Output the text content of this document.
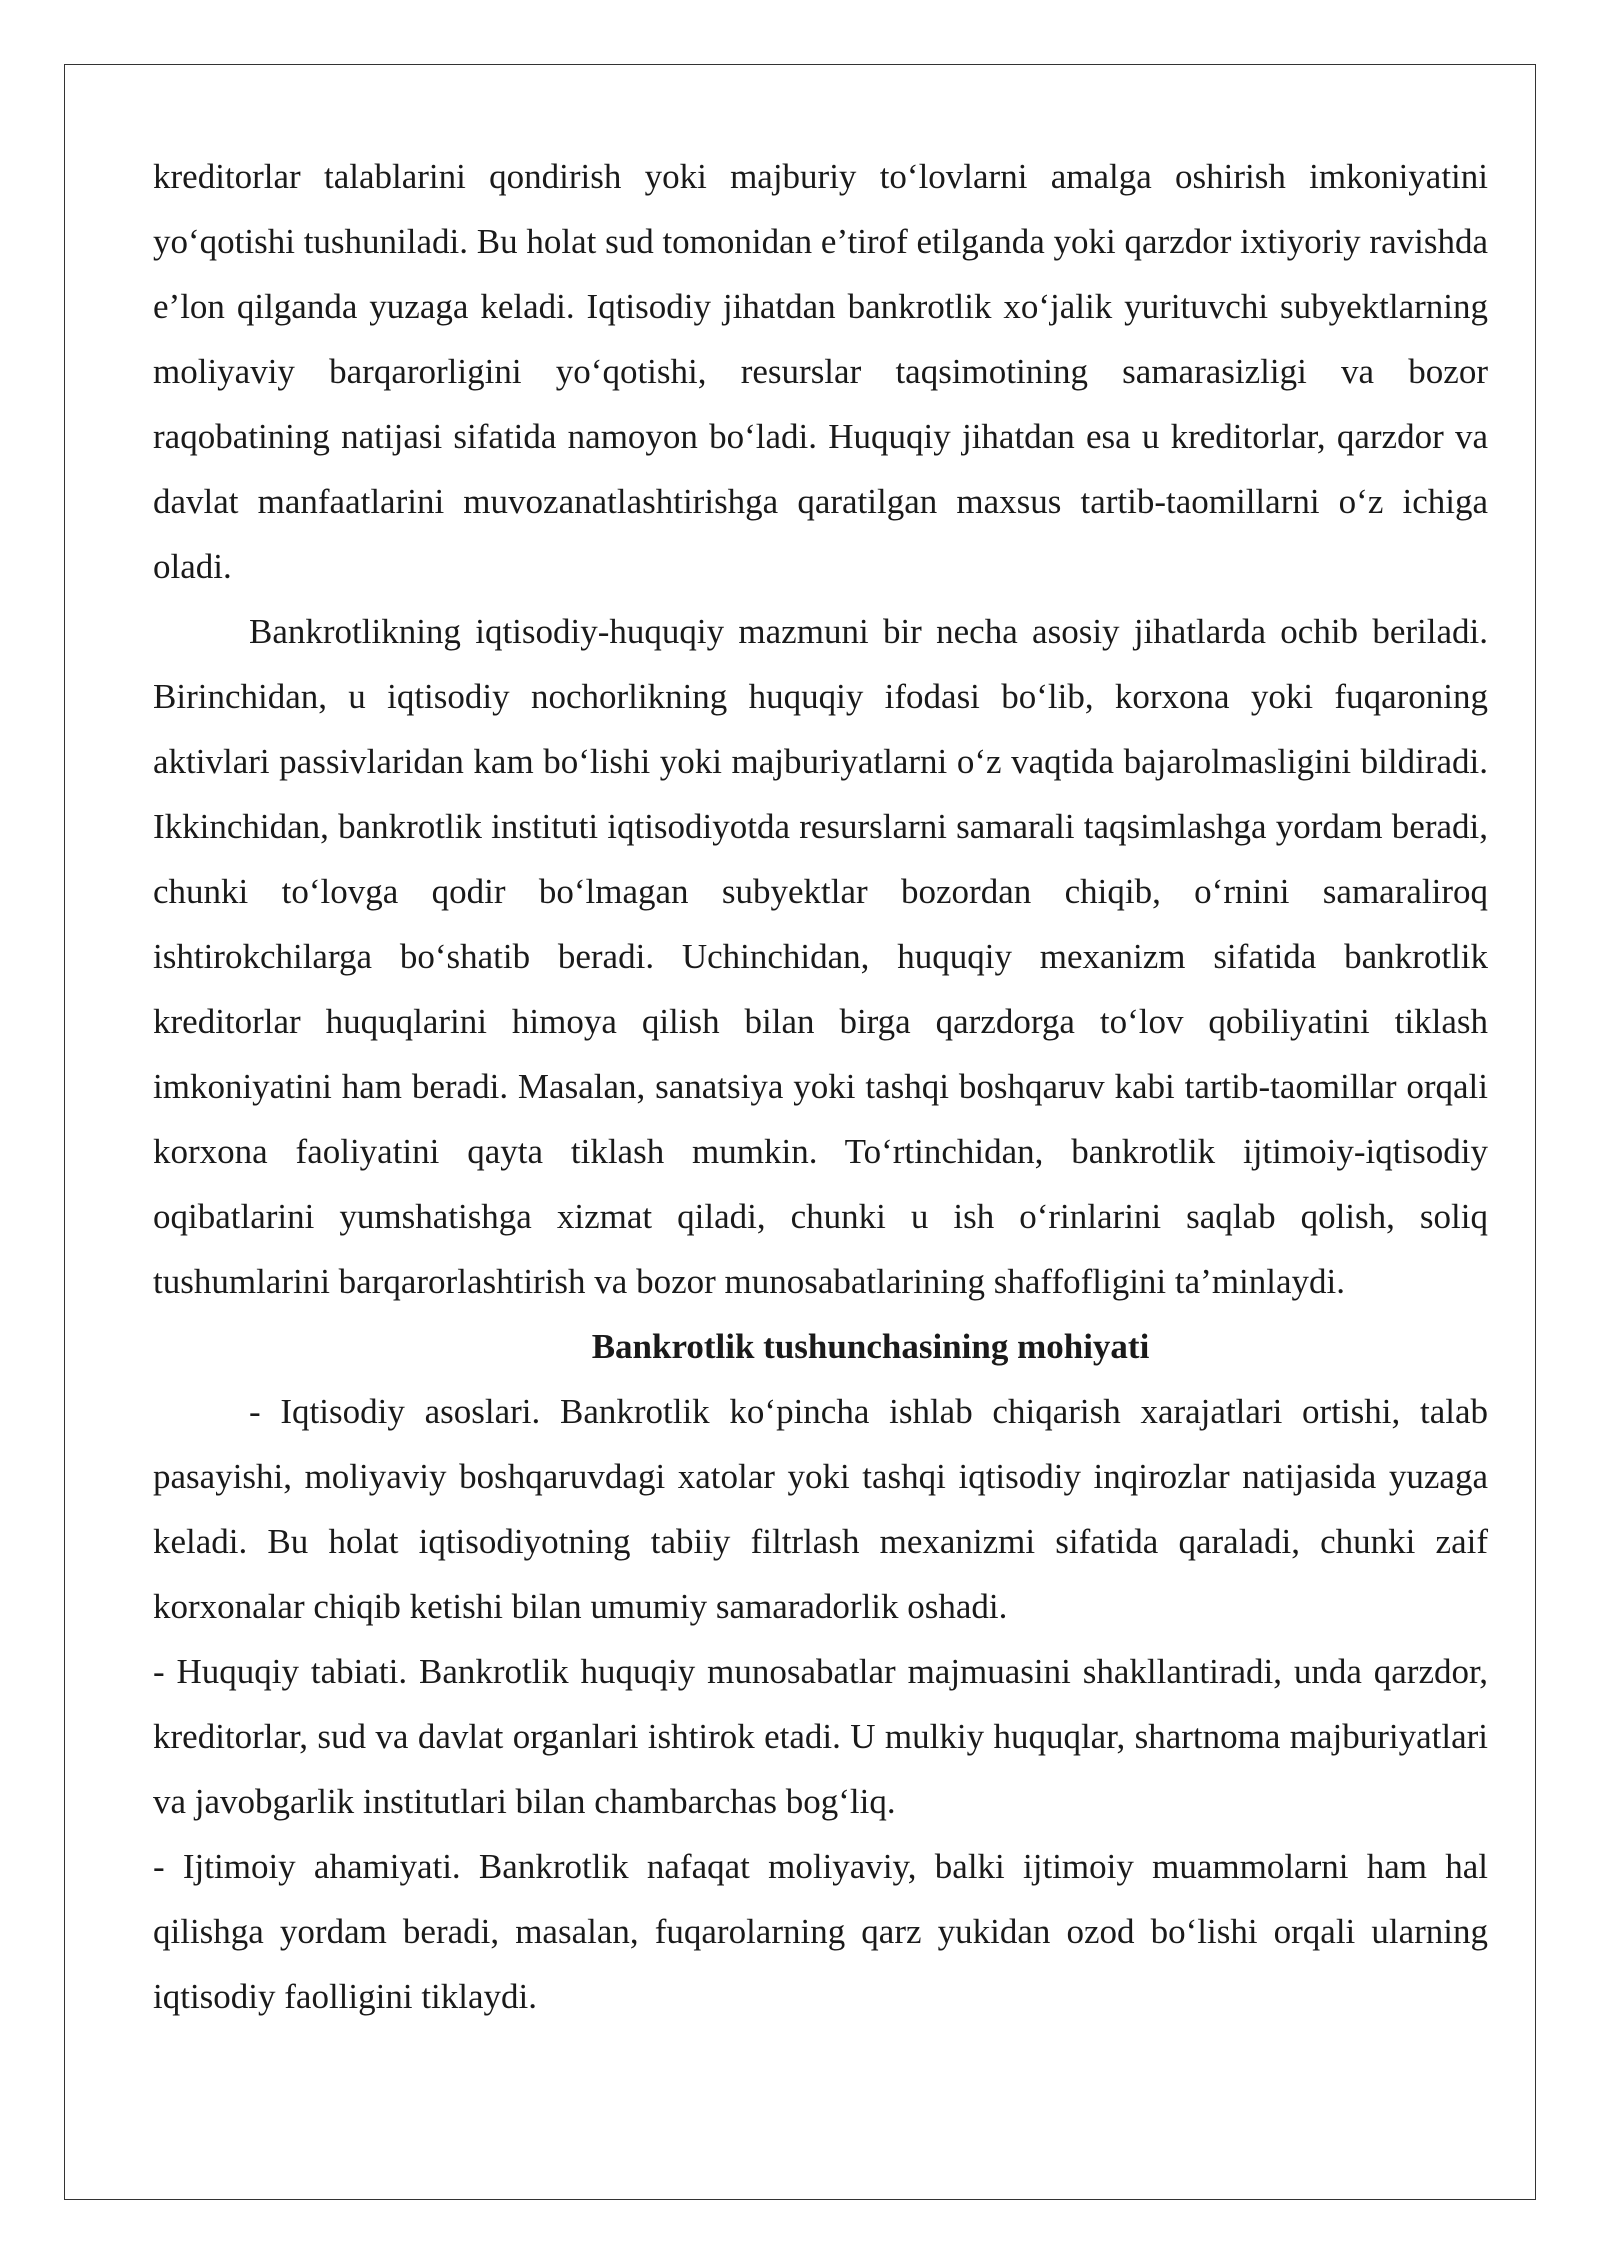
kreditorlar talablarini qondirish yoki majburiy to‘lovlarni amalga oshirish imkoniyatini yo‘qotishi tushuniladi. Bu holat sud tomonidan e’tirof etilganda yoki qarzdor ixtiyoriy ravishda e’lon qilganda yuzaga keladi. Iqtisodiy jihatdan bankrotlik xo‘jalik yurituvchi subyektlarning moliyaviy barqarorligini yo‘qotishi, resurslar taqsimotining samarasizligi va bozor raqobatining natijasi sifatida namoyon bo‘ladi. Huquqiy jihatdan esa u kreditorlar, qarzdor va davlat manfaatlarini muvozanatlashtirishga qaratilgan maxsus tartib-taomillarni o‘z ichiga oladi.

Bankrotlikning iqtisodiy-huquqiy mazmuni bir necha asosiy jihatlarda ochib beriladi. Birinchidan, u iqtisodiy nochorlikning huquqiy ifodasi bo‘lib, korxona yoki fuqaroning aktivlari passivlaridan kam bo‘lishi yoki majburiyatlarni o‘z vaqtida bajarolmasligini bildiradi. Ikkinchidan, bankrotlik instituti iqtisodiyotda resurslarni samarali taqsimlashga yordam beradi, chunki to‘lovga qodir bo‘lmagan subyektlar bozordan chiqib, o‘rnini samaraliroq ishtirokchilarga bo‘shatib beradi. Uchinchidan, huquqiy mexanizm sifatida bankrotlik kreditorlar huquqlarini himoya qilish bilan birga qarzdorga to‘lov qobiliyatini tiklash imkoniyatini ham beradi. Masalan, sanatsiya yoki tashqi boshqaruv kabi tartib-taomillar orqali korxona faoliyatini qayta tiklash mumkin. To‘rtinchidan, bankrotlik ijtimoiy-iqtisodiy oqibatlarini yumshatishga xizmat qiladi, chunki u ish o‘rinlarini saqlab qolish, soliq tushumlarini barqarorlashtirish va bozor munosabatlarining shaffofligini ta’minlaydi.

Bankrotlik tushunchasining mohiyati

- Iqtisodiy asoslari. Bankrotlik ko‘pincha ishlab chiqarish xarajatlari ortishi, talab pasayishi, moliyaviy boshqaruvdagi xatolar yoki tashqi iqtisodiy inqirozlar natijasida yuzaga keladi. Bu holat iqtisodiyotning tabiiy filtrlash mexanizmi sifatida qaraladi, chunki zaif korxonalar chiqib ketishi bilan umumiy samaradorlik oshadi.

- Huquqiy tabiati. Bankrotlik huquqiy munosabatlar majmuasini shakllantiradi, unda qarzdor, kreditorlar, sud va davlat organlari ishtirok etadi. U mulkiy huquqlar, shartnoma majburiyatlari va javobgarlik institutlari bilan chambarchas bog‘liq.

- Ijtimoiy ahamiyati. Bankrotlik nafaqat moliyaviy, balki ijtimoiy muammolarni ham hal qilishga yordam beradi, masalan, fuqarolarning qarz yukidan ozod bo‘lishi orqali ularning iqtisodiy faolligini tiklaydi.
